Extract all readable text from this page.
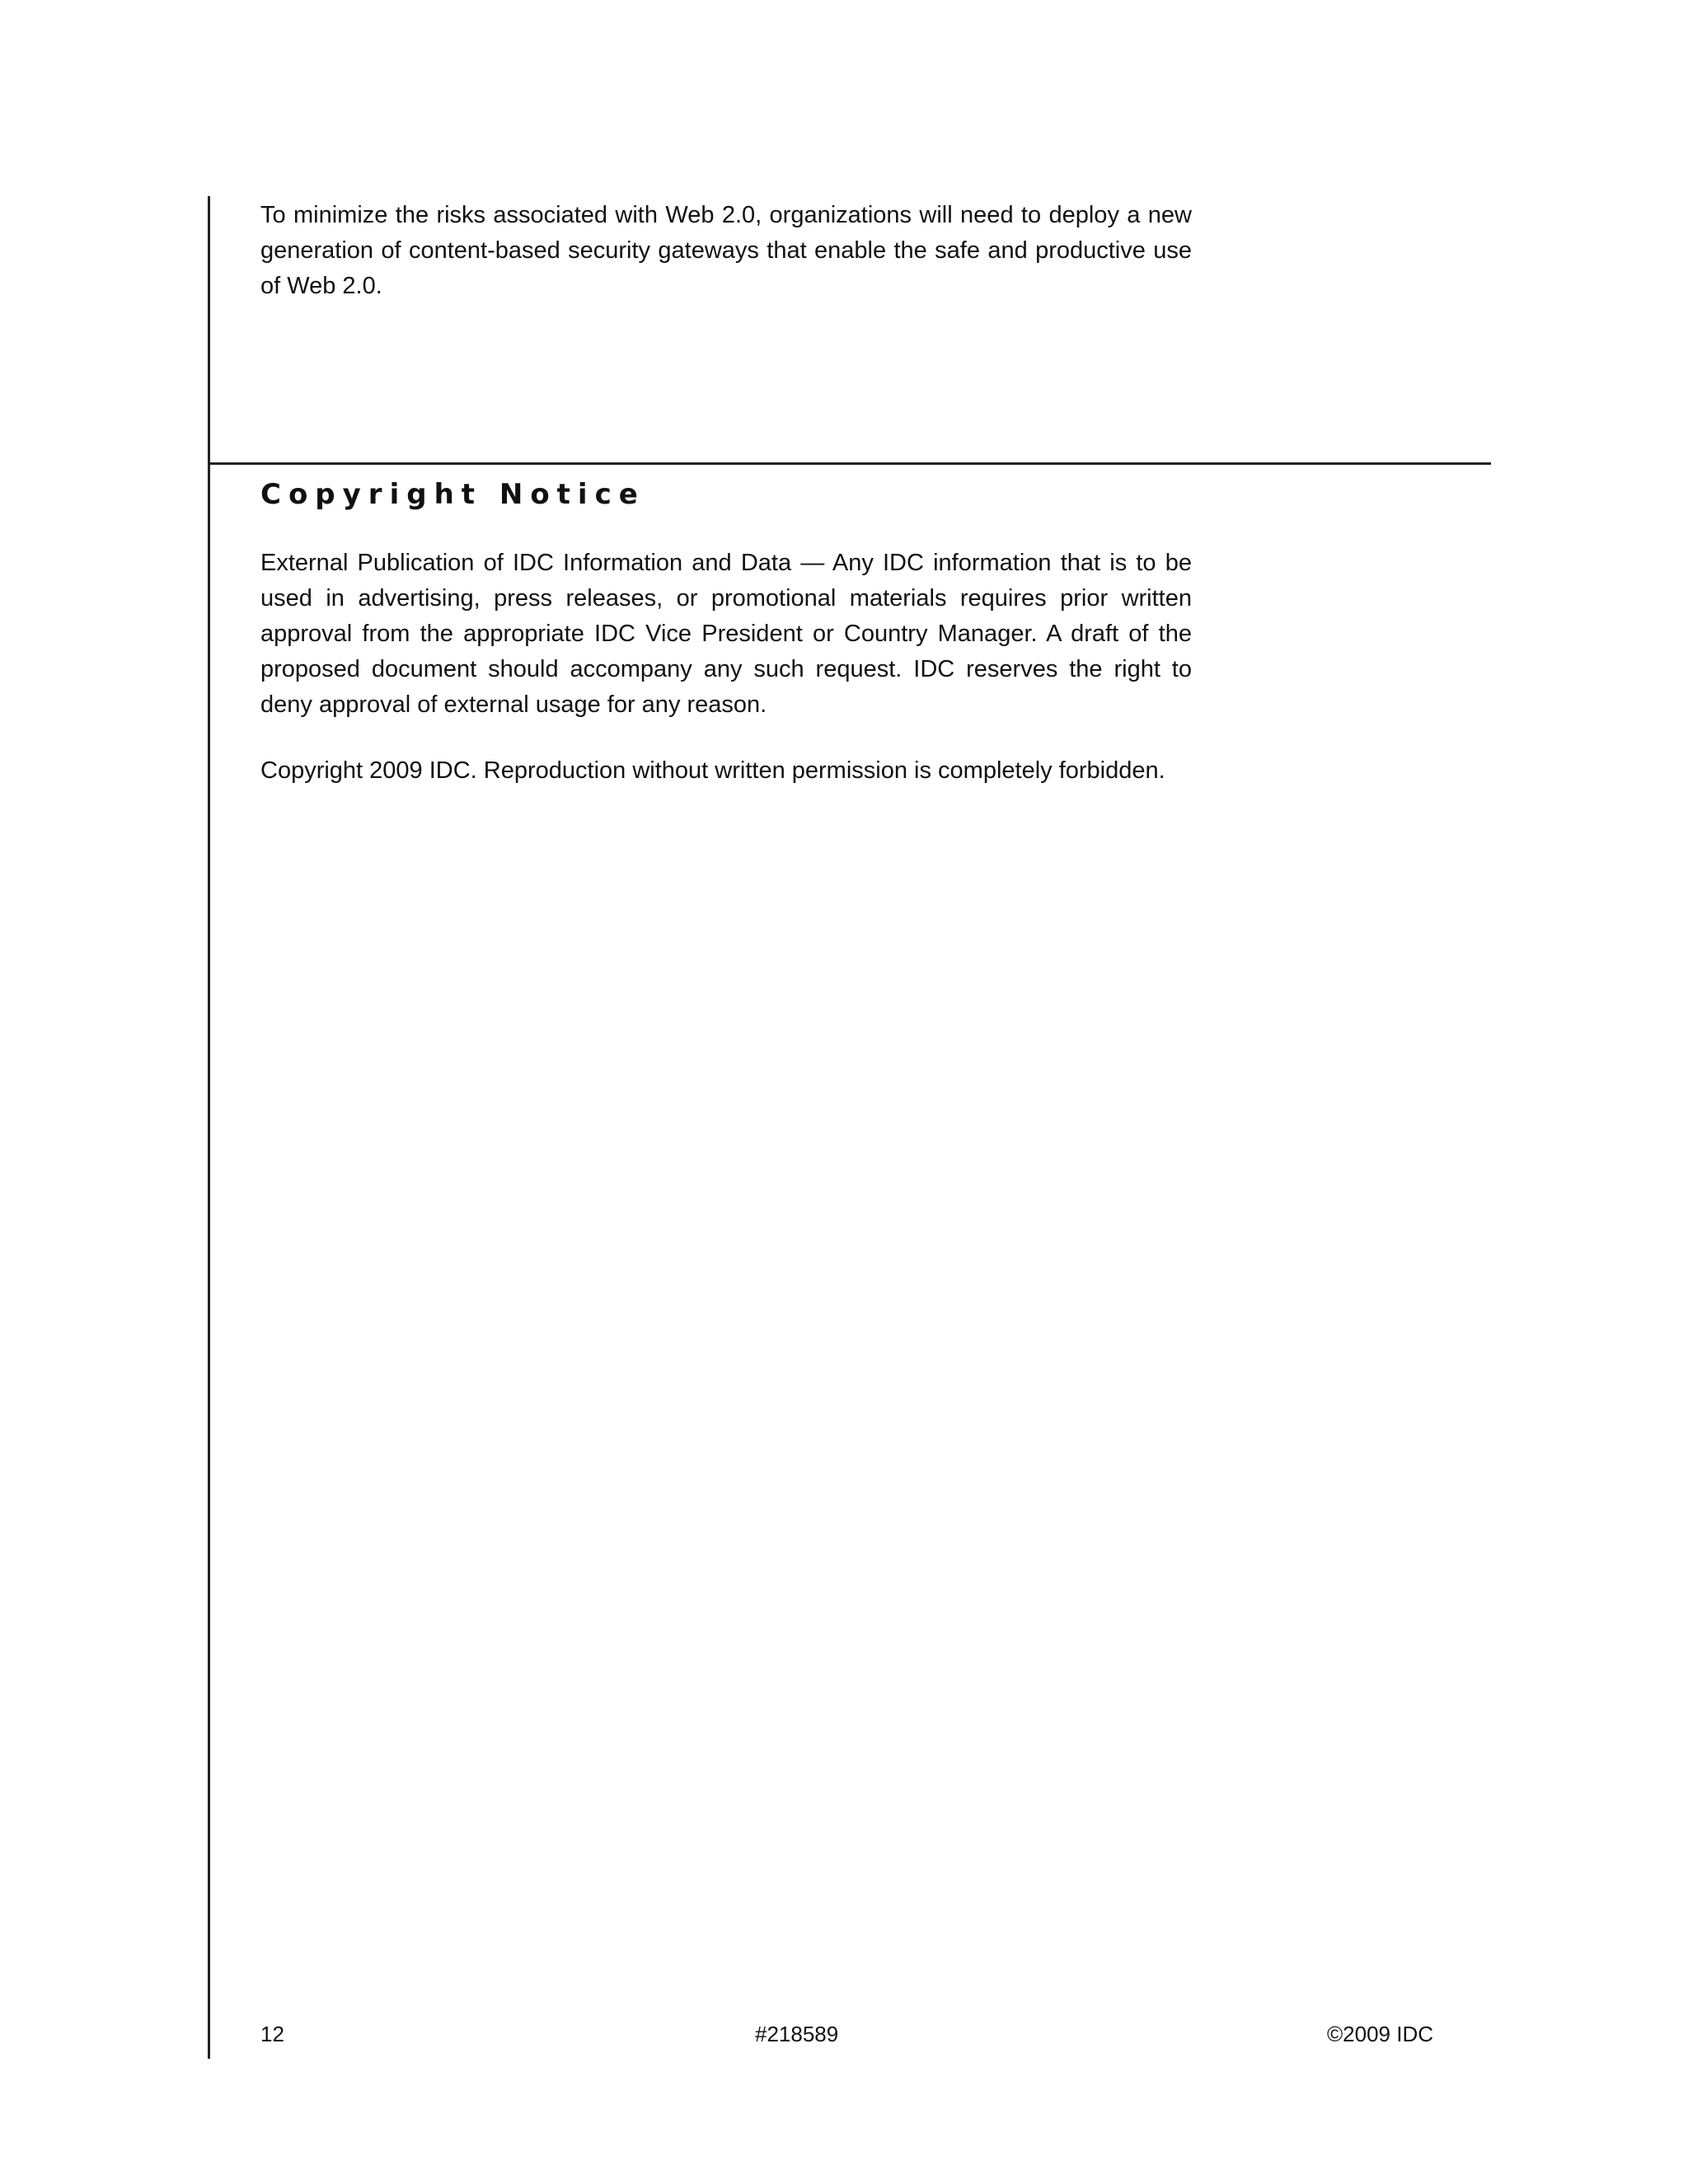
To minimize the risks associated with Web 2.0, organizations will need to deploy a new generation of content-based security gateways that enable the safe and productive use of Web 2.0.

Copyright Notice

External Publication of IDC Information and Data — Any IDC information that is to be used in advertising, press releases, or promotional materials requires prior written approval from the appropriate IDC Vice President or Country Manager. A draft of the proposed document should accompany any such request. IDC reserves the right to deny approval of external usage for any reason.

Copyright 2009 IDC. Reproduction without written permission is completely forbidden.

12	#218589	©2009 IDC
